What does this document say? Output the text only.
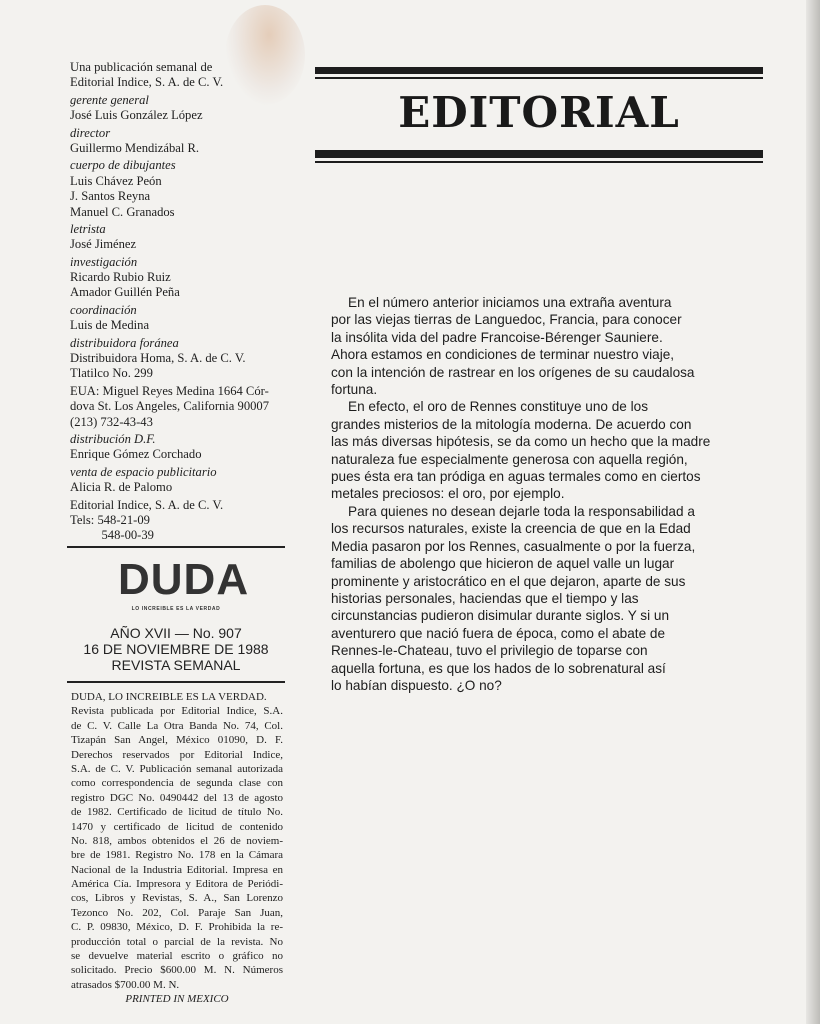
Una publicación semanal de
Editorial Indice, S. A. de C. V.
gerente general
José Luis González López
director
Guillermo Mendizábal R.
cuerpo de dibujantes
Luis Chávez Peón
J. Santos Reyna
Manuel C. Granados
letrista
José Jiménez
investigación
Ricardo Rubio Ruiz
Amador Guillén Peña
coordinación
Luis de Medina
distribuidora foránea
Distribuidora Homa, S. A. de C. V.
Tlatilco No. 299
EUA: Miguel Reyes Medina 1664 Cór-
dova St. Los Angeles, California 90007
(213) 732-43-43
distribución D.F.
Enrique Gómez Corchado
venta de espacio publicitario
Alicia R. de Palomo
Editorial Indice, S. A. de C. V.
Tels: 548-21-09
548-00-39
DUDA
LO INCREIBLE ES LA VERDAD
AÑO XVII — No. 907
16 DE NOVIEMBRE DE 1988
REVISTA SEMANAL
DUDA, LO INCREIBLE ES LA VERDAD.
Revista publicada por Editorial Indice, S.A.
de C. V. Calle La Otra Banda No. 74, Col.
Tizapán San Angel, México 01090, D. F.
Derechos reservados por Editorial Indice,
S.A. de C. V. Publicación semanal autorizada
como correspondencia de segunda clase con
registro DGC No. 0490442 del 13 de agosto
de 1982. Certificado de licitud de título No.
1470 y certificado de licitud de contenido
No. 818, ambos obtenidos el 26 de noviem-
bre de 1981. Registro No. 178 en la Cámara
Nacional de la Industria Editorial. Impresa en
América Cía. Impresora y Editora de Periódi-
cos, Libros y Revistas, S. A., San Lorenzo
Tezonco No. 202, Col. Paraje San Juan,
C. P. 09830, México, D. F. Prohibida la re-
producción total o parcial de la revista. No
se devuelve material escrito o gráfico no
solicitado. Precio $600.00 M. N. Números
atrasados $700.00 M. N.
PRINTED IN MEXICO
EDITORIAL
En el número anterior iniciamos una extraña aventura
por las viejas tierras de Languedoc, Francia, para conocer
la insólita vida del padre Francoise-Bérenger Sauniere.
Ahora estamos en condiciones de terminar nuestro viaje,
con la intención de rastrear en los orígenes de su caudalosa
fortuna.
En efecto, el oro de Rennes constituye uno de los
grandes misterios de la mitología moderna. De acuerdo con
las más diversas hipótesis, se da como un hecho que la madre
naturaleza fue especialmente generosa con aquella región,
pues ésta era tan pródiga en aguas termales como en ciertos
metales preciosos: el oro, por ejemplo.
Para quienes no desean dejarle toda la responsabilidad a
los recursos naturales, existe la creencia de que en la Edad
Media pasaron por los Rennes, casualmente o por la fuerza,
familias de abolengo que hicieron de aquel valle un lugar
prominente y aristocrático en el que dejaron, aparte de sus
historias personales, haciendas que el tiempo y las
circunstancias pudieron disimular durante siglos. Y si un
aventurero que nació fuera de época, como el abate de
Rennes-le-Chateau, tuvo el privilegio de toparse con
aquella fortuna, es que los hados de lo sobrenatural así
lo habían dispuesto. ¿O no?
